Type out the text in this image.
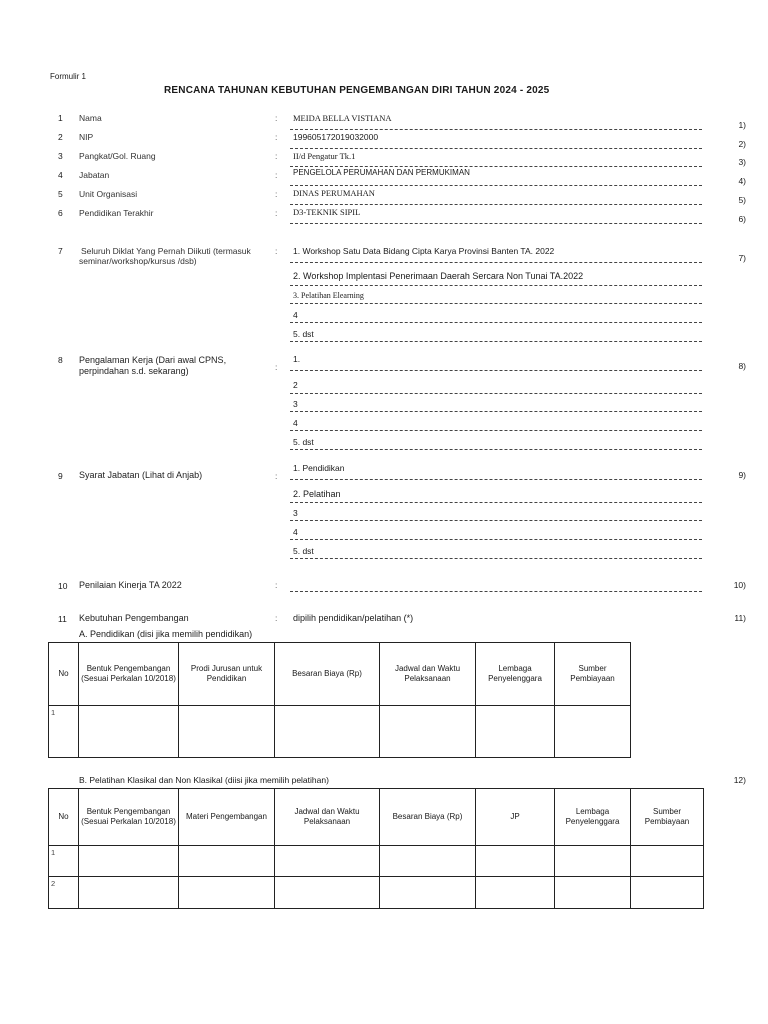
Formulir 1
RENCANA TAHUNAN KEBUTUHAN PENGEMBANGAN DIRI TAHUN 2024 - 2025
1 Nama	: MEIDA BELLA VISTIANA
1)
2 NIP	: 199605172019032000
2)
3 Pangkat/Gol. Ruang	: II/d Pengatur Tk.1
3)
4 Jabatan	: PENGELOLA PERUMAHAN DAN PERMUKIMAN
4)
5 Unit Organisasi	: DINAS PERUMAHAN
5)
6 Pendidikan Terakhir	: D3-TEKNIK SIPIL
6)
7 Seluruh Diklat Yang Pernah Diikuti (termasuk
seminar/workshop/kursus /dsb)
:
7)
1. Workshop Satu Data Bidang Cipta Karya Provinsi Banten TA. 2022
2. Workshop Implentasi Penerimaan Daerah Sercara Non Tunai TA.2022
3. Pelatihan Elearning
4
5. dst
8 Pengalaman Kerja (Dari awal CPNS,
perpindahan s.d. sekarang)	:	8)
1.
2
3
4
5. dst
9 Syarat Jabatan (Lihat di Anjab)	:	9)
1. Pendidikan
2. Pelatihan
3
4
5. dst
10 Penilaian Kinerja TA 2022	:	10)
11 Kebutuhan Pengembangan	: dipilih pendidikan/pelatihan (*)	11)
A. Pendidikan (disi jika memilih pendidikan)
No	Bentuk Pengembangan (Sesuai Perkalan 10/2018)	Prodi Jurusan untuk Pendidikan	Besaran Biaya (Rp)	Jadwal dan Waktu Pelaksanaan	Lembaga Penyelenggara	Sumber Pembiayaan
1						
B. Pelatihan Klasikal dan Non Klasikal (diisi jika memilih pelatihan)	12)
No	Bentuk Pengembangan (Sesuai Perkalan 10/2018)	Materi Pengembangan	Jadwal dan Waktu Pelaksanaan	Besaran Biaya (Rp)	JP	Lembaga Penyelenggara	Sumber Pembiayaan
1							
2							
